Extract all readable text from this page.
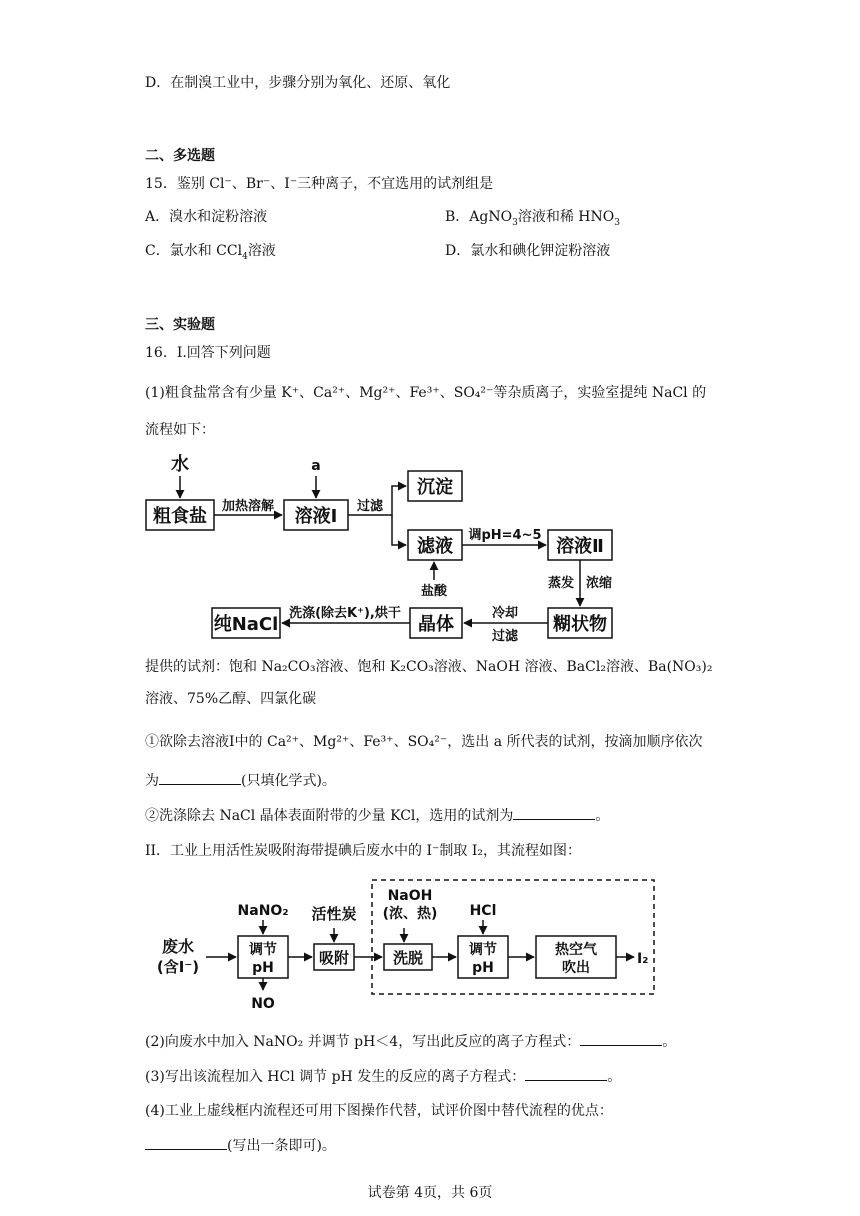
D．在制溴工业中，步骤分别为氧化、还原、氧化
二、多选题
15．鉴别 Cl⁻、Br⁻、I⁻三种离子，不宜选用的试剂组是
A．溴水和淀粉溶液	B．AgNO$_3$溶液和稀 $HNO_3$
C．氯水和 CCl$_4$溶液	D．氯水和碘化钾淀粉溶液
三、实验题
16．I.回答下列问题
(1)粗食盐常含有少量 K⁺、Ca²⁺、Mg²⁺、Fe³⁺、SO₄²⁻等杂质离子，实验室提纯 NaCl 的
流程如下：
水	a
粗食盐 加热溶解 溶液Ⅰ 过滤
沉淀
滤液
调pH=4~5
溶液Ⅱ
盐酸
蒸发 浓缩
糊状物
冷却
过滤
晶体
洗涤(除去K⁺),烘干
纯NaCl
提供的试剂：饱和 Na₂CO₃溶液、饱和 K₂CO₃溶液、NaOH 溶液、BaCl₂溶液、Ba(NO₃)₂
溶液、75%乙醇、四氯化碳
①欲除去溶液Ⅰ中的 Ca²⁺、Mg²⁺、Fe³⁺、SO₄²⁻，选出 a 所代表的试剂，按滴加顺序依次
为	(只填化学式)。
②洗涤除去 NaCl 晶体表面附带的少量 KCl，选用的试剂为	。
II．工业上用活性炭吸附海带提碘后废水中的 I⁻制取 I₂，其流程如图：
废水
(含I⁻)
NaNO₂
调节
pH
NO
活性炭
吸附
NaOH
(浓、热)
洗脱
HCl
调节
pH
热空气
吹出
I₂
(2)向废水中加入 NaNO₂ 并调节 pH＜4，写出此反应的离子方程式：	。
(3)写出该流程加入 HCl 调节 pH 发生的反应的离子方程式：	。
(4)工业上虚线框内流程还可用下图操作代替，试评价图中替代流程的优点：
(写出一条即可)。
试卷第 4页，共 6页
